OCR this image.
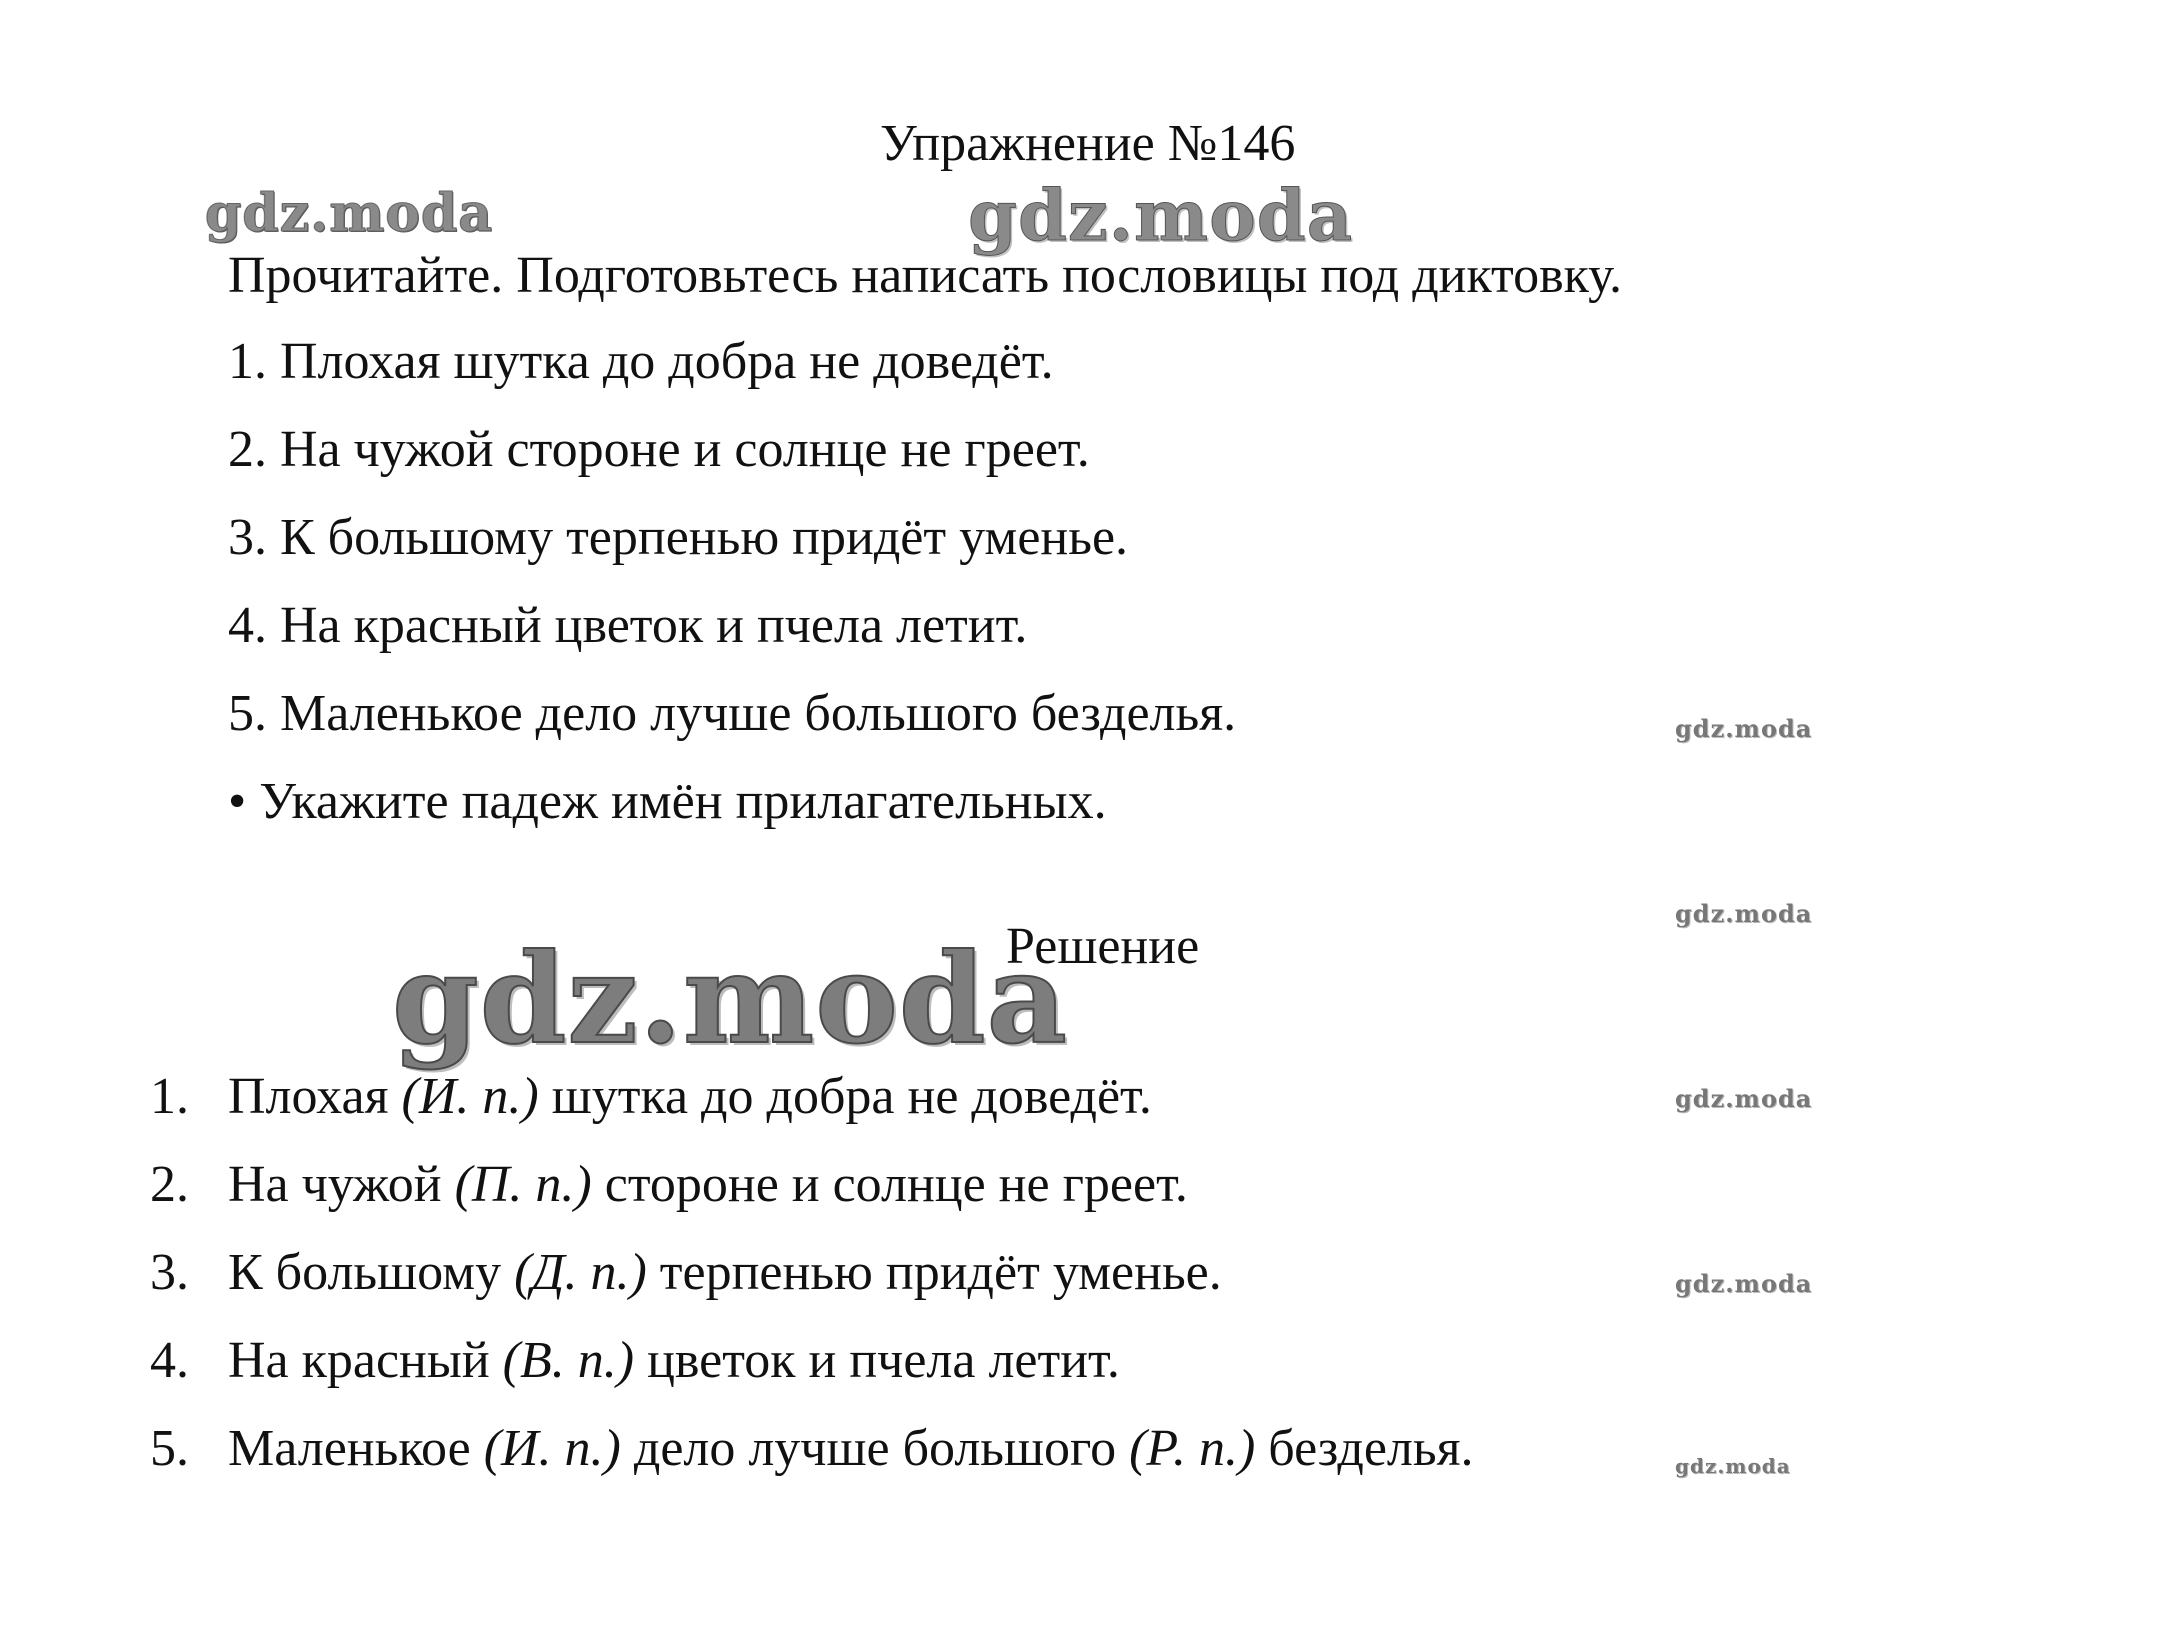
gdz.moda	gdz.moda
gdz.moda
gdz.moda
gdz.moda
gdz.moda
gdz.moda
gdz.moda
Упражнение №146
Прочитайте. Подготовьтесь написать пословицы под диктовку.
1. Плохая шутка до добра не доведёт.
2. На чужой стороне и солнце не греет.
3. К большому терпенью придёт уменье.
4. На красный цветок и пчела летит.
5. Маленькое дело лучше большого безделья.
• Укажите падеж имён прилагательных.
Решение
1. Плохая (И. п.) шутка до добра не доведёт.
2. На чужой (П. п.) стороне и солнце не греет.
3. К большому (Д. п.) терпенью придёт уменье.
4. На красный (В. п.) цветок и пчела летит.
5. Маленькое (И. п.) дело лучше большого (Р. п.) безделья.
